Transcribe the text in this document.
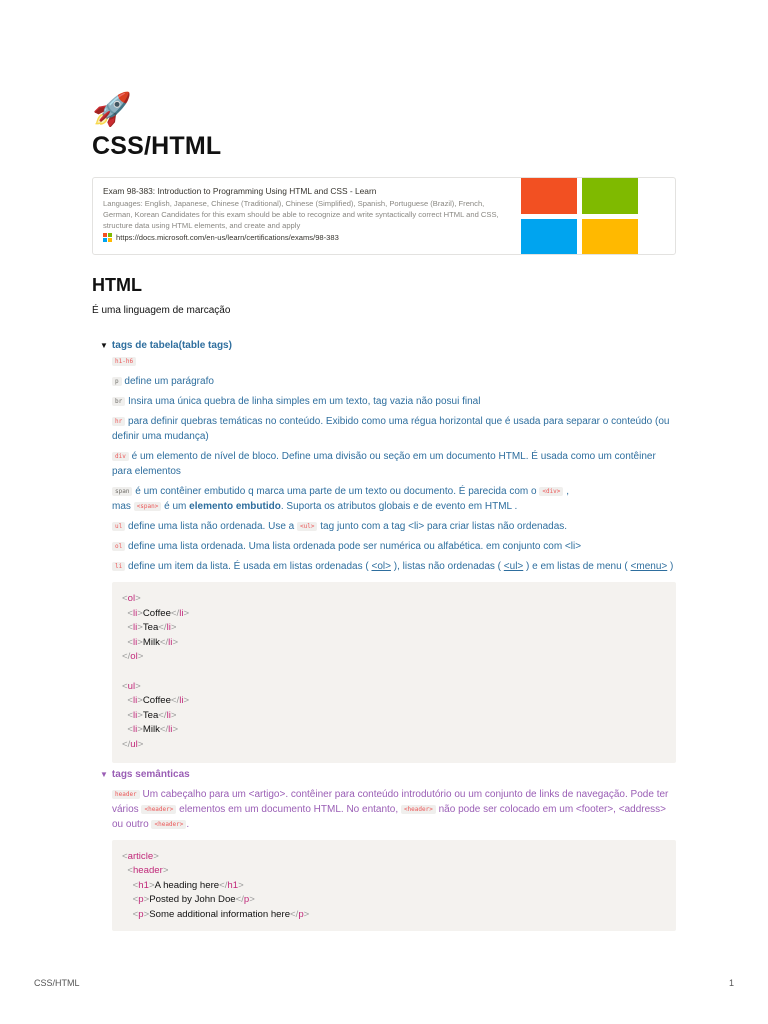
🚀
CSS/HTML
Exam 98-383: Introduction to Programming Using HTML and CSS - Learn
Languages: English, Japanese, Chinese (Traditional), Chinese (Simplified), Spanish, Portuguese (Brazil), French, German, Korean Candidates for this exam should be able to recognize and write syntactically correct HTML and CSS, structure data using HTML elements, and create and apply
https://docs.microsoft.com/en-us/learn/certifications/exams/98-383
HTML
É uma linguagem de marcação
▼ tags de tabela(table tags)
h1-h6
p define um parágrafo
br Insira uma única quebra de linha simples em um texto, tag vazia não posui final
hr para definir quebras temáticas no conteúdo. Exibido como uma régua horizontal que é usada para separar o conteúdo (ou definir uma mudança)
div é um elemento de nível de bloco. Define uma divisão ou seção em um documento HTML. É usada como um contêiner para elementos
span é um contêiner embutido q marca uma parte de um texto ou documento. É parecida com o <div> ,
mas <span> é um elemento embutido. Suporta os atributos globais e de evento em HTML .
ul define uma lista não ordenada. Use a <ul> tag junto com a tag <li> para criar listas não ordenadas.
ol define uma lista ordenada. Uma lista ordenada pode ser numérica ou alfabética. em conjunto com <li>
li define um item da lista. É usada em listas ordenadas ( <ol> ), listas não ordenadas ( <ul> ) e em listas de menu ( <menu> )
<ol>
<li>Coffee</li>
<li>Tea</li>
<li>Milk</li>
</ol>

<ul>
<li>Coffee</li>
<li>Tea</li>
<li>Milk</li>
</ul>
▼ tags semânticas
header Um cabeçalho para um <artigo>. contêiner para conteúdo introdutório ou um conjunto de links de navegação. Pode ter vários <header> elementos em um documento HTML. No entanto, <header> não pode ser colocado em um <footer>, <address> ou outro <header> .
<article>
<header>
<h1>A heading here</h1>
<p>Posted by John Doe</p>
<p>Some additional information here</p>
CSS/HTML	1
